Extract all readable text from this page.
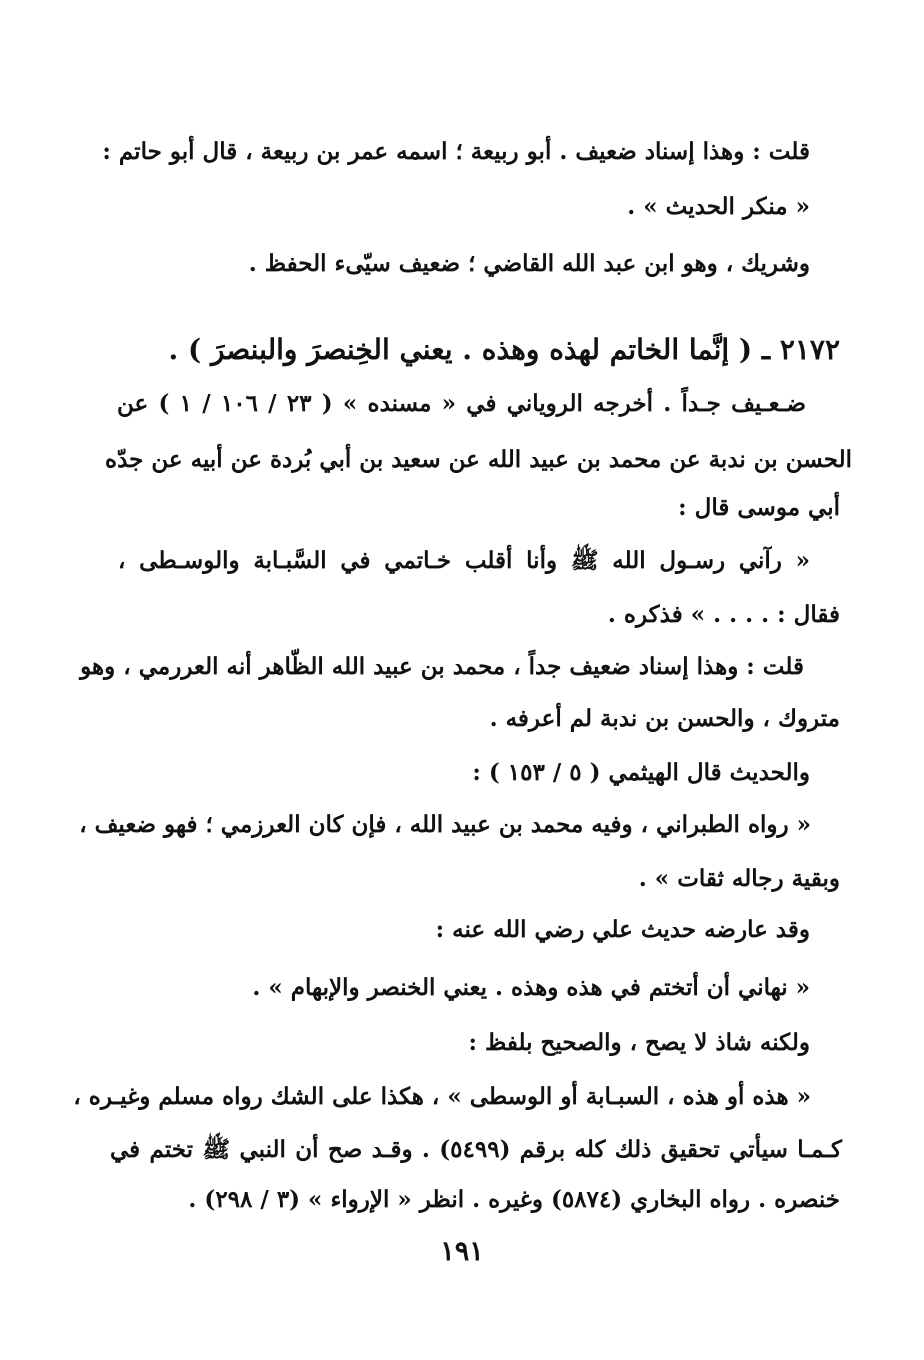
قلت : وهذا إسناد ضعيف . أبو ربيعة ؛ اسمه عمر بن ربيعة ، قال أبو حاتم :
« منكر الحديث » .
وشريك ، وهو ابن عبد الله القاضي ؛ ضعيف سيّىء الحفظ .
٢١٧٢ ـ ( إنَّما الخاتم لهذه وهذه . يعني الخِنصرَ والبنصرَ ) .
ضـعـيف جـداً . أخرجه الروياني في « مسنده » ( ٢٣ / ١٠٦ / ١ ) عن
الحسن بن ندبة عن محمد بن عبيد الله عن سعيد بن أبي بُردة عن أبيه عن جدّه
أبي موسى قال :
« رآني رسـول الله ﷺ وأنا أقلب خـاتمي في السَّبـابة والوسـطى ،
فقال : . . . . » فذكره .
قلت : وهذا إسناد ضعيف جداً ، محمد بن عبيد الله الظّاهر أنه العررمي ، وهو
متروك ، والحسن بن ندبة لم أعرفه .
والحديث قال الهيثمي ( ٥ / ١٥٣ ) :
« رواه الطبراني ، وفيه محمد بن عبيد الله ، فإن كان العرزمي ؛ فهو ضعيف ،
وبقية رجاله ثقات » .
وقد عارضه حديث علي رضي الله عنه :
« نهاني أن أتختم في هذه وهذه . يعني الخنصر والإبهام » .
ولكنه شاذ لا يصح ، والصحيح بلفظ :
« هذه أو هذه ، السبـابة أو الوسطى » ، هكذا على الشك رواه مسلم وغيـره ،
كـمـا سيأتي تحقيق ذلك كله برقم (٥٤٩٩) . وقـد صح أن النبي ﷺ تختم في
خنصره . رواه البخاري (٥٨٧٤) وغيره . انظر « الإرواء » (٣ / ٢٩٨) .
١٩١
